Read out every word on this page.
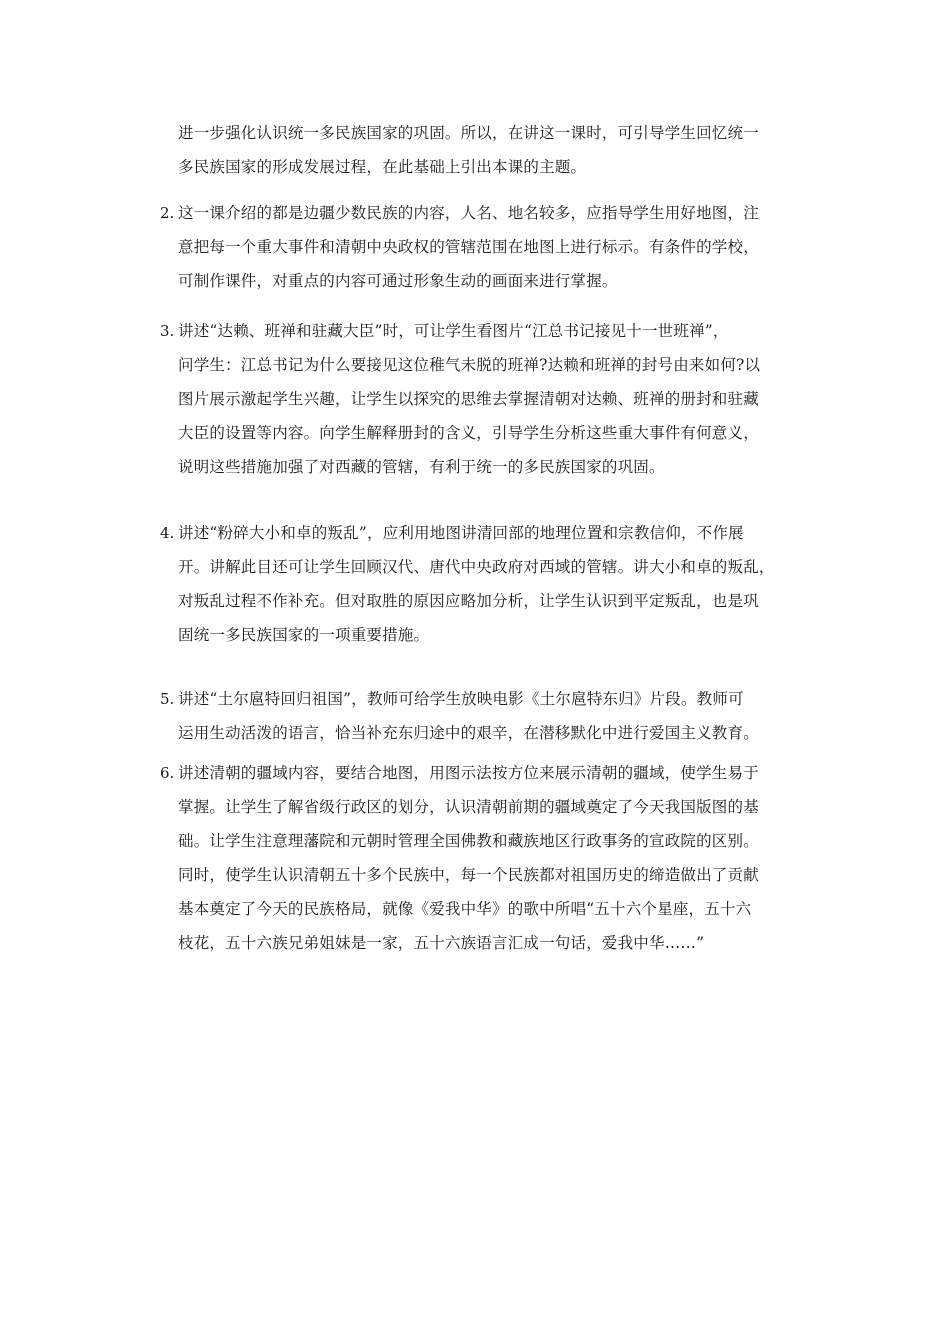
进一步强化认识统一多民族国家的巩固。所以，在讲这一课时，可引导学生回忆统一
多民族国家的形成发展过程，在此基础上引出本课的主题。
2. 这一课介绍的都是边疆少数民族的内容，人名、地名较多，应指导学生用好地图，注
意把每一个重大事件和清朝中央政权的管辖范围在地图上进行标示。有条件的学校，
可制作课件，对重点的内容可通过形象生动的画面来进行掌握。
3. 讲述“达赖、班禅和驻藏大臣”时，可让学生看图片“江总书记接见十一世班禅”，
问学生：江总书记为什么要接见这位稚气未脱的班禅?达赖和班禅的封号由来如何?以
图片展示激起学生兴趣，让学生以探究的思维去掌握清朝对达赖、班禅的册封和驻藏
大臣的设置等内容。向学生解释册封的含义，引导学生分析这些重大事件有何意义，
说明这些措施加强了对西藏的管辖，有利于统一的多民族国家的巩固。
4. 讲述“粉碎大小和卓的叛乱”，应利用地图讲清回部的地理位置和宗教信仰，不作展
开。讲解此目还可让学生回顾汉代、唐代中央政府对西域的管辖。讲大小和卓的叛乱，
对叛乱过程不作补充。但对取胜的原因应略加分析，让学生认识到平定叛乱，也是巩
固统一多民族国家的一项重要措施。
5. 讲述“土尔扈特回归祖国”，教师可给学生放映电影《土尔扈特东归》片段。教师可
运用生动活泼的语言，恰当补充东归途中的艰辛，在潜移默化中进行爱国主义教育。
6. 讲述清朝的疆域内容，要结合地图，用图示法按方位来展示清朝的疆域，使学生易于
掌握。让学生了解省级行政区的划分，认识清朝前期的疆域奠定了今天我国版图的基
础。让学生注意理藩院和元朝时管理全国佛教和藏族地区行政事务的宣政院的区别。
同时，使学生认识清朝五十多个民族中，每一个民族都对祖国历史的缔造做出了贡献
基本奠定了今天的民族格局，就像《爱我中华》的歌中所唱“五十六个星座，五十六
枝花，五十六族兄弟姐妹是一家，五十六族语言汇成一句话，爱我中华……”
